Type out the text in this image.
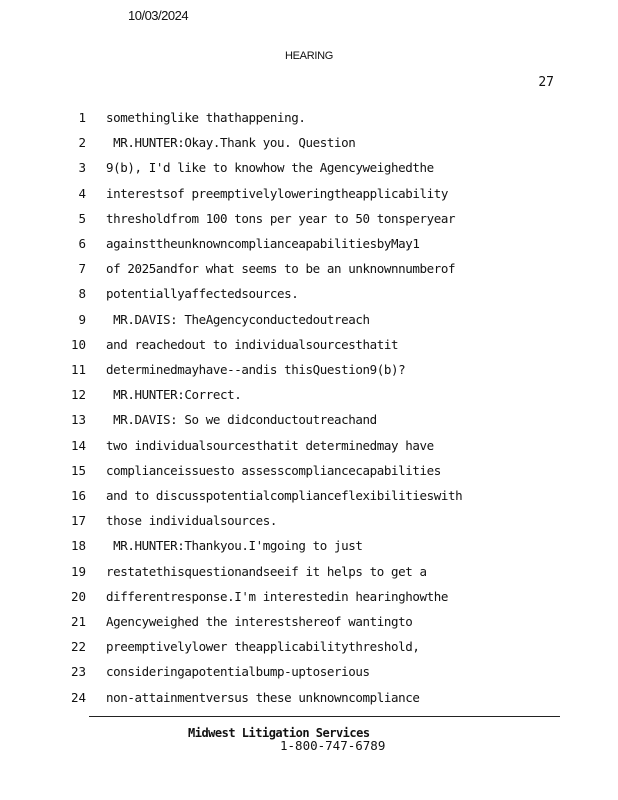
10/03/2024
HEARING
27
1 somethinglike thathappening.
2 MR.HUNTER:Okay.Thank you. Question
3 9(b), I'd like to knowhow the Agencyweighedthe
4 interestsof preemptivelyloweringtheapplicability
5 thresholdfrom 100 tons per year to 50 tonsperyear
6 againsttheunknowncomplianceapabilitiesbyMay1
7 of 2025andfor what seems to be an unknownnumberof
8 potentiallyaffectedsources.
9 MR.DAVIS: TheAgencyconductedoutreach
10 and reachedout to individualsourcesthatit
11 determinedmayhave--andis thisQuestion9(b)?
12 MR.HUNTER:Correct.
13 MR.DAVIS: So we didconductoutreachand
14 two individualsourcesthatit determinedmay have
15 complianceissuesto assesscompliancecapabilities
16 and to discusspotentialcomplianceflexibilitieswith
17 those individualsources.
18 MR.HUNTER:Thankyou.I'mgoing to just
19 restatethisquestionandseeif it helps to get a
20 differentresponse.I'm interestedin hearinghowthe
21 Agencyweighed the interestshereof wantingto
22 preemptivelylower theapplicabilitythreshold,
23 consideringapotentialbump-uptoserious
24 non-attainmentversus these unknowncompliance
Midwest Litigation Services
1-800-747-6789
